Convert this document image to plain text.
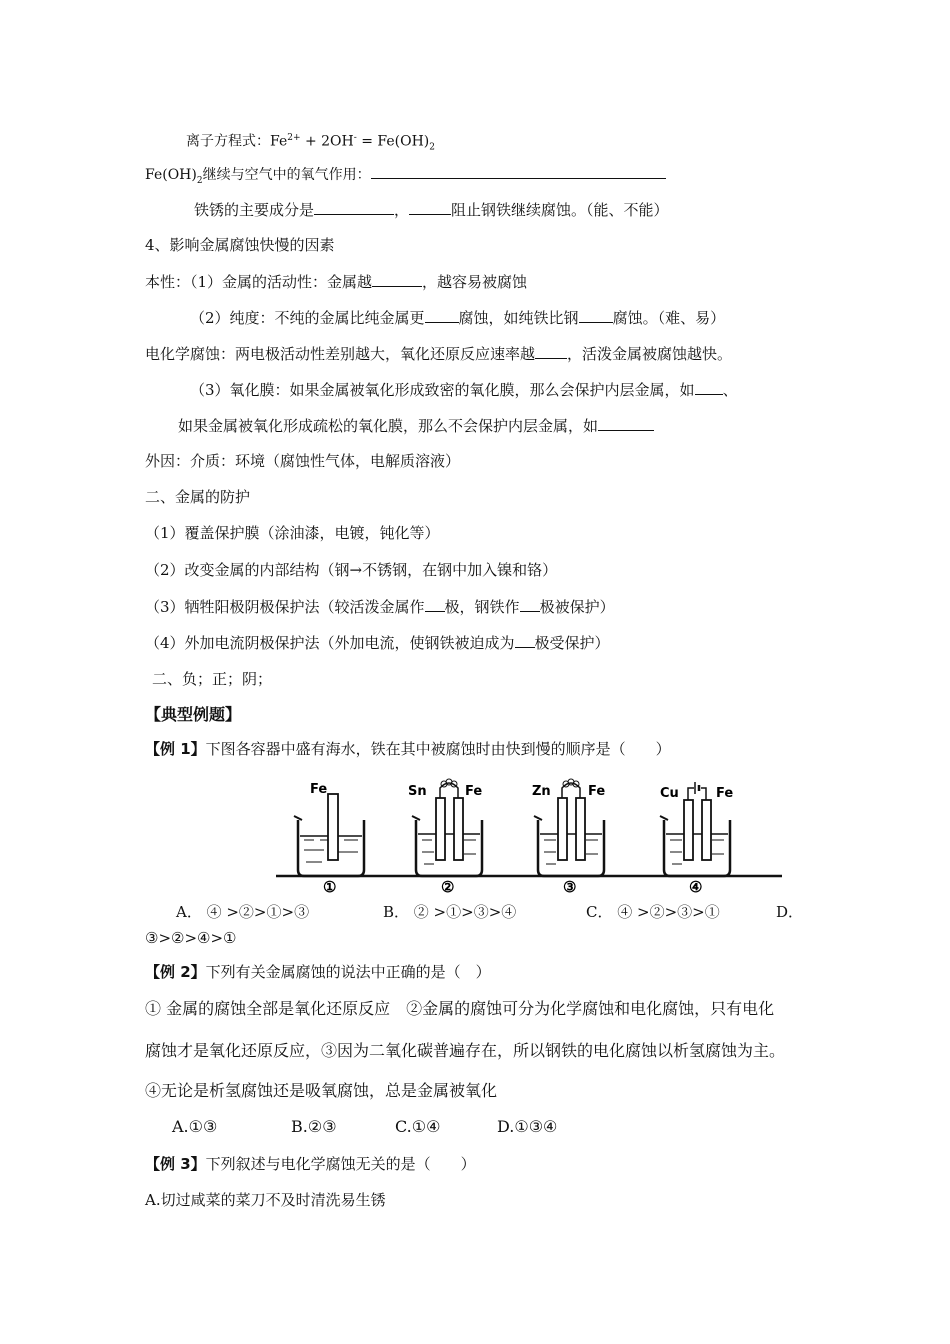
离子方程式：$Fe^{2+} + 2OH^- = Fe(OH)_2$
$Fe(OH)_2$继续与空气中的氧气作用：
铁锈的主要成分是	，	阻止钢铁继续腐蚀。（能、不能）
4、影响金属腐蚀快慢的因素
本性：（1）金属的活动性：金属越	，越容易被腐蚀
（2）纯度：不纯的金属比纯金属更 腐蚀，如纯铁比钢 腐蚀。（难、易）
电化学腐蚀：两电极活动性差别越大，氧化还原反应速率越 ，活泼金属被腐蚀越快。
（3）氧化膜：如果金属被氧化形成致密的氧化膜，那么会保护内层金属，如 、
如果金属被氧化形成疏松的氧化膜，那么不会保护内层金属，如
外因：介质：环境（腐蚀性气体，电解质溶液）
二、金属的防护
（1）覆盖保护膜（涂油漆，电镀，钝化等）
（2）改变金属的内部结构（钢→不锈钢，在钢中加入镍和铬）
（3）牺牲阳极阴极保护法（较活泼金属作 极，钢铁作 极被保护）
（4）外加电流阴极保护法（外加电流，使钢铁被迫成为 极受保护）
二、负；正；阴；
【典型例题】
【例 1】下图各容器中盛有海水，铁在其中被腐蚀时由快到慢的顺序是（　　）
Fe	Sn	Fe	Zn	Fe	Cu	Fe
①	②	③	④
A． ④ >②>①>③	B． ② >①>③>④	C． ④ >②>③>①	D．
③>②>④>①
【例 2】下列有关金属腐蚀的说法中正确的是（　）
① 金属的腐蚀全部是氧化还原反应　②金属的腐蚀可分为化学腐蚀和电化腐蚀，只有电化
腐蚀才是氧化还原反应，③因为二氧化碳普遍存在，所以钢铁的电化腐蚀以析氢腐蚀为主。
④无论是析氢腐蚀还是吸氧腐蚀，总是金属被氧化
A.①③	B.②③	C.①④	D.①③④
【例 3】下列叙述与电化学腐蚀无关的是（　　）
A.切过咸菜的菜刀不及时清洗易生锈
